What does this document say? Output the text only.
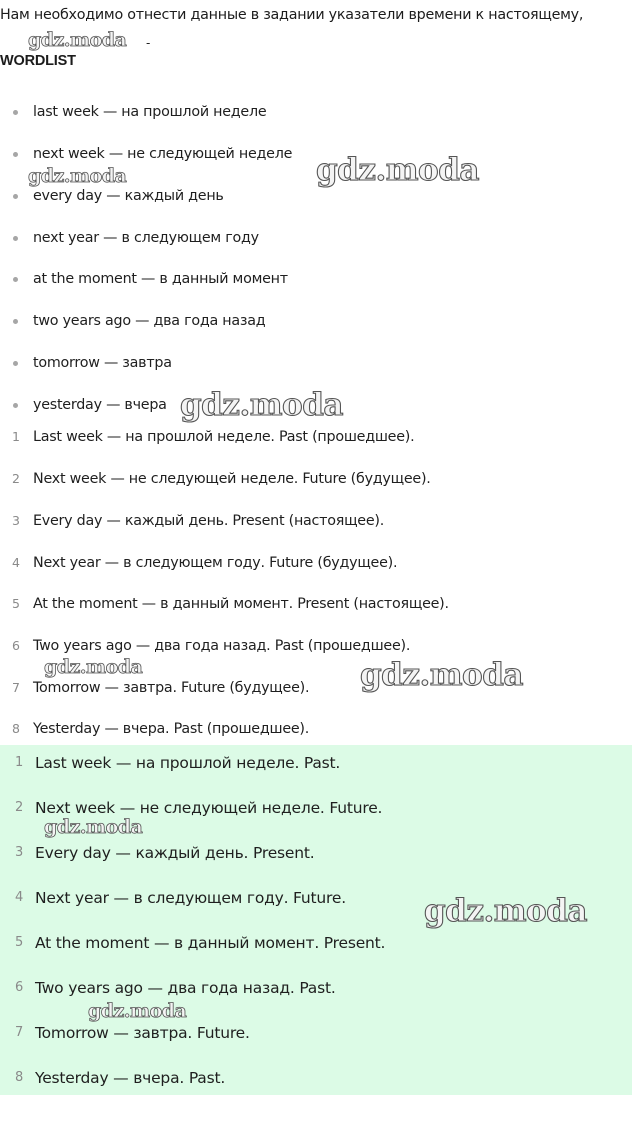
Нам необходимо отнести данные в задании указатели времени к настоящему,
-
WORDLIST
last week — на прошлой неделе
next week — не следующей неделе
every day — каждый день
next year — в следующем году
at the moment — в данный момент
two years ago — два года назад
tomorrow — завтра
yesterday — вчера
1 Last week — на прошлой неделе. Past (прошедшее).
2 Next week — не следующей неделе. Future (будущее).
3 Every day — каждый день. Present (настоящее).
4 Next year — в следующем году. Future (будущее).
5 At the moment — в данный момент. Present (настоящее).
6 Two years ago — два года назад. Past (прошедшее).
7 Tomorrow — завтра. Future (будущее).
8 Yesterday — вчера. Past (прошедшее).
1 Last week — на прошлой неделе. Past.
2 Next week — не следующей неделе. Future.
3 Every day — каждый день. Present.
4 Next year — в следующем году. Future.
5 At the moment — в данный момент. Present.
6 Two years ago — два года назад. Past.
7 Tomorrow — завтра. Future.
8 Yesterday — вчера. Past.
gdz.moda
gdz.moda	gdz.moda
gdz.moda
gdz.moda	gdz.moda
gdz.moda
gdz.moda
gdz.moda
